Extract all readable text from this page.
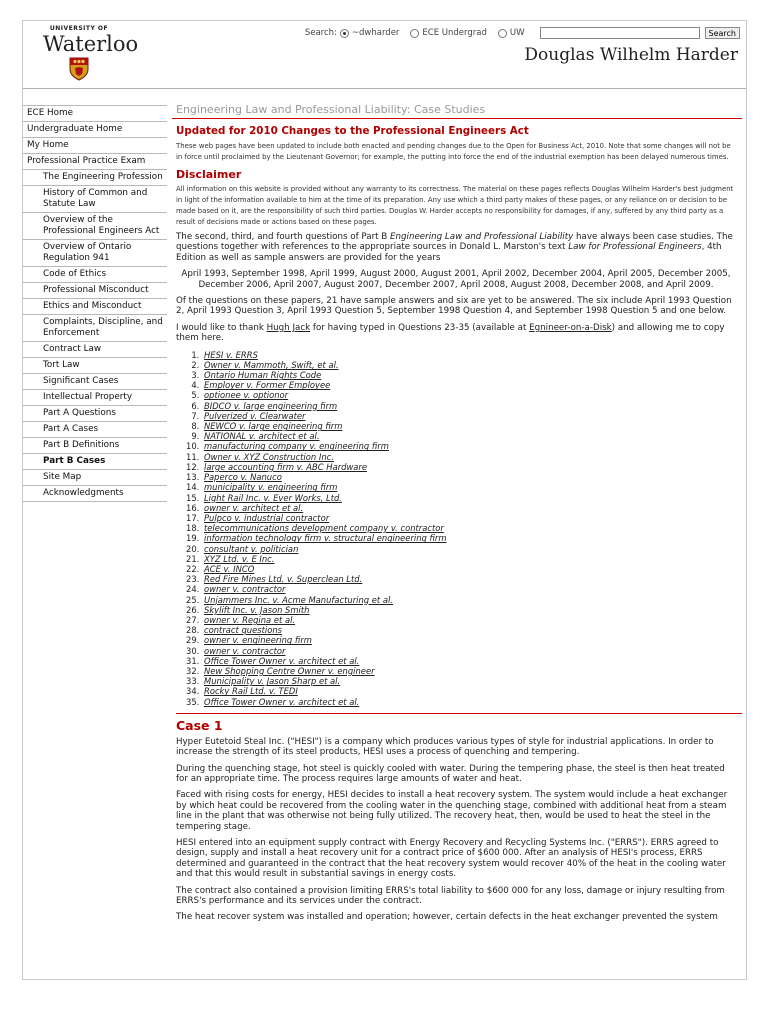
UNIVERSITY OF
Waterloo	Search: ~dwharder	ECE Undergrad	UW	Search
Douglas Wilhelm Harder
ECE Home
Undergraduate Home
My Home
Professional Practice Exam
The Engineering Profession
History of Common and Statute Law
Overview of the Professional Engineers Act
Overview of Ontario Regulation 941
Code of Ethics
Professional Misconduct
Ethics and Misconduct
Complaints, Discipline, and Enforcement
Contract Law
Tort Law
Significant Cases
Intellectual Property
Part A Questions
Part A Cases
Part B Definitions
Part B Cases
Site Map
Acknowledgments
Engineering Law and Professional Liability: Case Studies
Updated for 2010 Changes to the Professional Engineers Act

These web pages have been updated to include both enacted and pending changes due to the Open for Business Act, 2010. Note that some changes will not be in force until proclaimed by the Lieutenant Governor; for example, the putting into force the end of the industrial exemption has been delayed numerous times.

Disclaimer

All information on this website is provided without any warranty to its correctness. The material on these pages reflects Douglas Wilhelm Harder's best judgment in light of the information available to him at the time of its preparation. Any use which a third party makes of these pages, or any reliance on or decision to be made based on it, are the responsibility of such third parties. Douglas W. Harder accepts no responsibility for damages, if any, suffered by any third party as a result of decisions made or actions based on these pages.

The second, third, and fourth questions of Part B Engineering Law and Professional Liability have always been case studies. The questions together with references to the appropriate sources in Donald L. Marston's text Law for Professional Engineers, 4th Edition as well as sample answers are provided for the years

April 1993, September 1998, April 1999, August 2000, August 2001, April 2002, December 2004, April 2005, December 2005, December 2006, April 2007, August 2007, December 2007, April 2008, August 2008, December 2008, and April 2009.

Of the questions on these papers, 21 have sample answers and six are yet to be answered. The six include April 1993 Question 2, April 1993 Question 3, April 1993 Question 5, September 1998 Question 4, and September 1998 Question 5 and one below.

I would like to thank Hugh Jack for having typed in Questions 23-35 (available at Egnineer-on-a-Disk) and allowing me to copy them here.

1. HESI v. ERRS
2. Owner v. Mammoth, Swift, et al.
3. Ontario Human Rights Code
4. Employer v. Former Employee
5. optionee v. optionor
6. BIDCO v. large engineering firm
7. Pulverized v. Clearwater
8. NEWCO v. large engineering firm
9. NATIONAL v. architect et al.
10. manufacturing company v. engineering firm
11. Owner v. XYZ Construction Inc.
12. large accounting firm v. ABC Hardware
13. Paperco v. Nanuco
14. municipality v. engineering firm
15. Light Rail Inc. v. Ever Works, Ltd.
16. owner v. architect et al.
17. Pulpco v. industrial contractor
18. telecommunications development company v. contractor
19. information technology firm v. structural engineering firm
20. consultant v. politician
21. XYZ Ltd. v. E Inc.
22. ACE v. INCO
23. Red Fire Mines Ltd. v. Superclean Ltd.
24. owner v. contractor
25. Unjammers Inc. v. Acme Manufacturing et al.
26. Skylift Inc. v. Jason Smith
27. owner v. Regina et al.
28. contract questions
29. owner v. engineering firm
30. owner v. contractor
31. Office Tower Owner v. architect et al.
32. New Shopping Centre Owner v. engineer
33. Municipality v. Jason Sharp et al.
34. Rocky Rail Ltd. v. TEDI
35. Office Tower Owner v. architect et al.
Case 1

Hyper Eutetoid Steal Inc. ("HESI") is a company which produces various types of style for industrial applications. In order to increase the strength of its steel products, HESI uses a process of quenching and tempering.

During the quenching stage, hot steel is quickly cooled with water. During the tempering phase, the steel is then heat treated for an appropriate time. The process requires large amounts of water and heat.

Faced with rising costs for energy, HESI decides to install a heat recovery system. The system would include a heat exchanger by which heat could be recovered from the cooling water in the quenching stage, combined with additional heat from a steam line in the plant that was otherwise not being fully utilized. The recovery heat, then, would be used to heat the steel in the tempering stage.

HESI entered into an equipment supply contract with Energy Recovery and Recycling Systems Inc. ("ERRS"). ERRS agreed to design, supply and install a heat recovery unit for a contract price of $600 000. After an analysis of HESI's process, ERRS determined and guaranteed in the contract that the heat recovery system would recover 40% of the heat in the cooling water and that this would result in substantial savings in energy costs.

The contract also contained a provision limiting ERRS's total liability to $600 000 for any loss, damage or injury resulting from ERRS's performance and its services under the contract.

The heat recover system was installed and operation; however, certain defects in the heat exchanger prevented the system
